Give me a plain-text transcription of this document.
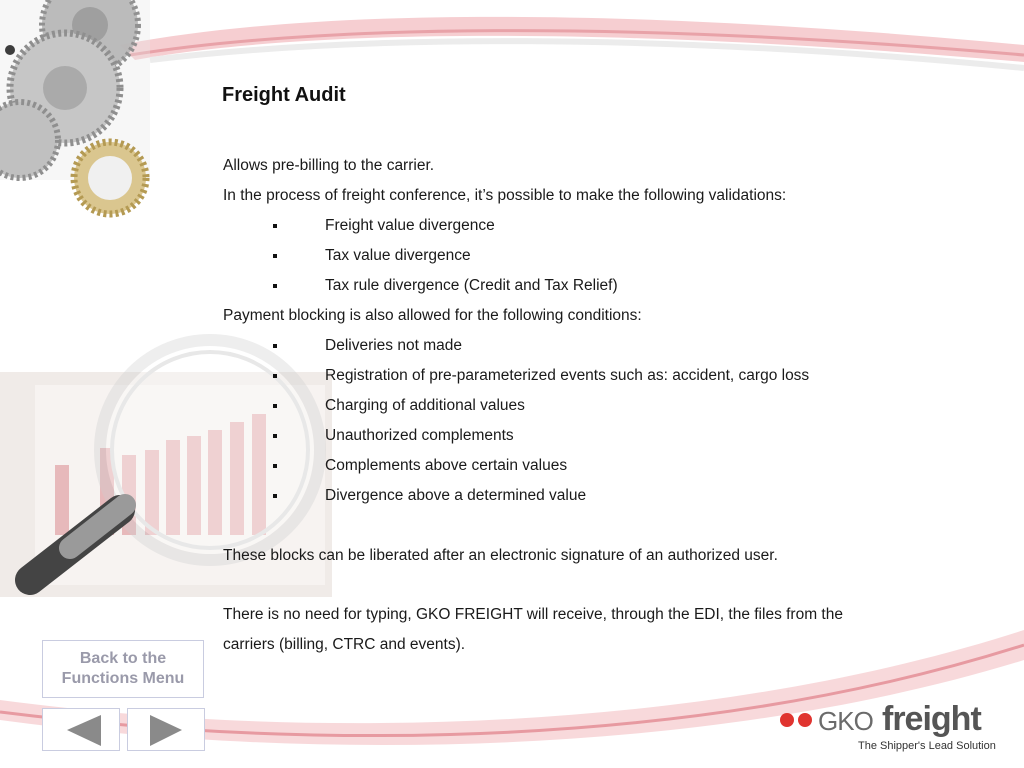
Freight Audit
Allows pre-billing to the carrier.
In the process of freight conference, it’s possible to make the following validations:
Freight value divergence
Tax value divergence
Tax rule divergence (Credit and Tax Relief)
Payment blocking is also allowed for the following conditions:
Deliveries not made
Registration of pre-parameterized events such as: accident, cargo loss
Charging of additional values
Unauthorized complements
Complements above certain values
Divergence above a determined value
These blocks can be liberated after an electronic signature of an authorized user.
There is no need for typing, GKO FREIGHT will receive, through the EDI, the files from the
carriers (billing, CTRC and events).
Back to the
Functions Menu
GKO freight
The Shipper's Lead Solution
